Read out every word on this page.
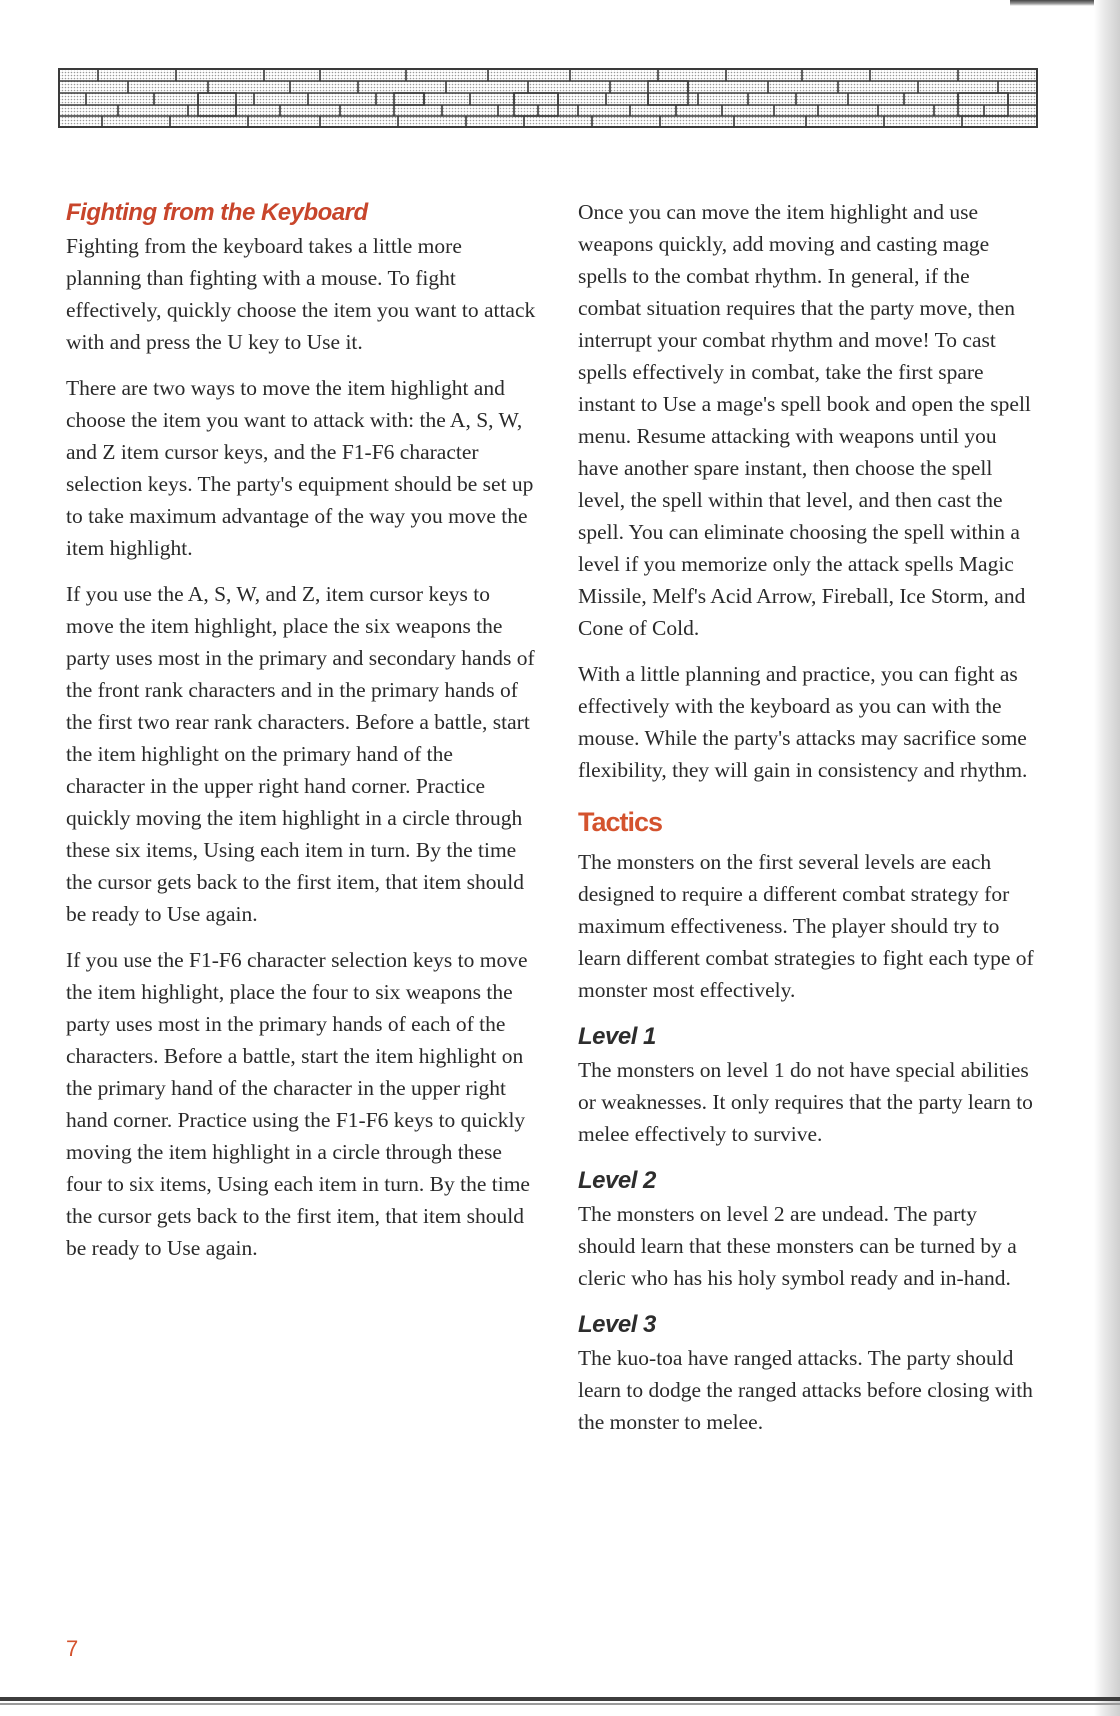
Fighting from the Keyboard

Fighting from the keyboard takes a little more planning than fighting with a mouse. To fight effectively, quickly choose the item you want to attack with and press the U key to Use it.

There are two ways to move the item highlight and choose the item you want to attack with: the A, S, W, and Z item cursor keys, and the F1-F6 character selection keys. The party's equipment should be set up to take maximum advantage of the way you move the item highlight.

If you use the A, S, W, and Z, item cursor keys to move the item highlight, place the six weapons the party uses most in the primary and secondary hands of the front rank characters and in the primary hands of the first two rear rank characters. Before a battle, start the item highlight on the primary hand of the character in the upper right hand corner. Practice quickly moving the item highlight in a circle through these six items, Using each item in turn. By the time the cursor gets back to the first item, that item should be ready to Use again.

If you use the F1-F6 character selection keys to move the item highlight, place the four to six weapons the party uses most in the primary hands of each of the characters. Before a battle, start the item highlight on the primary hand of the character in the upper right hand corner. Practice using the F1-F6 keys to quickly moving the item highlight in a circle through these four to six items, Using each item in turn. By the time the cursor gets back to the first item, that item should be ready to Use again.

Once you can move the item highlight and use weapons quickly, add moving and casting mage spells to the combat rhythm. In general, if the combat situation requires that the party move, then interrupt your combat rhythm and move! To cast spells effectively in combat, take the first spare instant to Use a mage's spell book and open the spell menu. Resume attacking with weapons until you have another spare instant, then choose the spell level, the spell within that level, and then cast the spell. You can eliminate choosing the spell within a level if you memorize only the attack spells Magic Missile, Melf's Acid Arrow, Fireball, Ice Storm, and Cone of Cold.

With a little planning and practice, you can fight as effectively with the keyboard as you can with the mouse. While the party's attacks may sacrifice some flexibility, they will gain in consistency and rhythm.

Tactics

The monsters on the first several levels are each designed to require a different combat strategy for maximum effectiveness. The player should try to learn different combat strategies to fight each type of monster most effectively.

Level 1

The monsters on level 1 do not have special abilities or weaknesses. It only requires that the party learn to melee effectively to survive.

Level 2

The monsters on level 2 are undead. The party should learn that these monsters can be turned by a cleric who has his holy symbol ready and in-hand.

Level 3

The kuo-toa have ranged attacks. The party should learn to dodge the ranged attacks before closing with the monster to melee.

7
